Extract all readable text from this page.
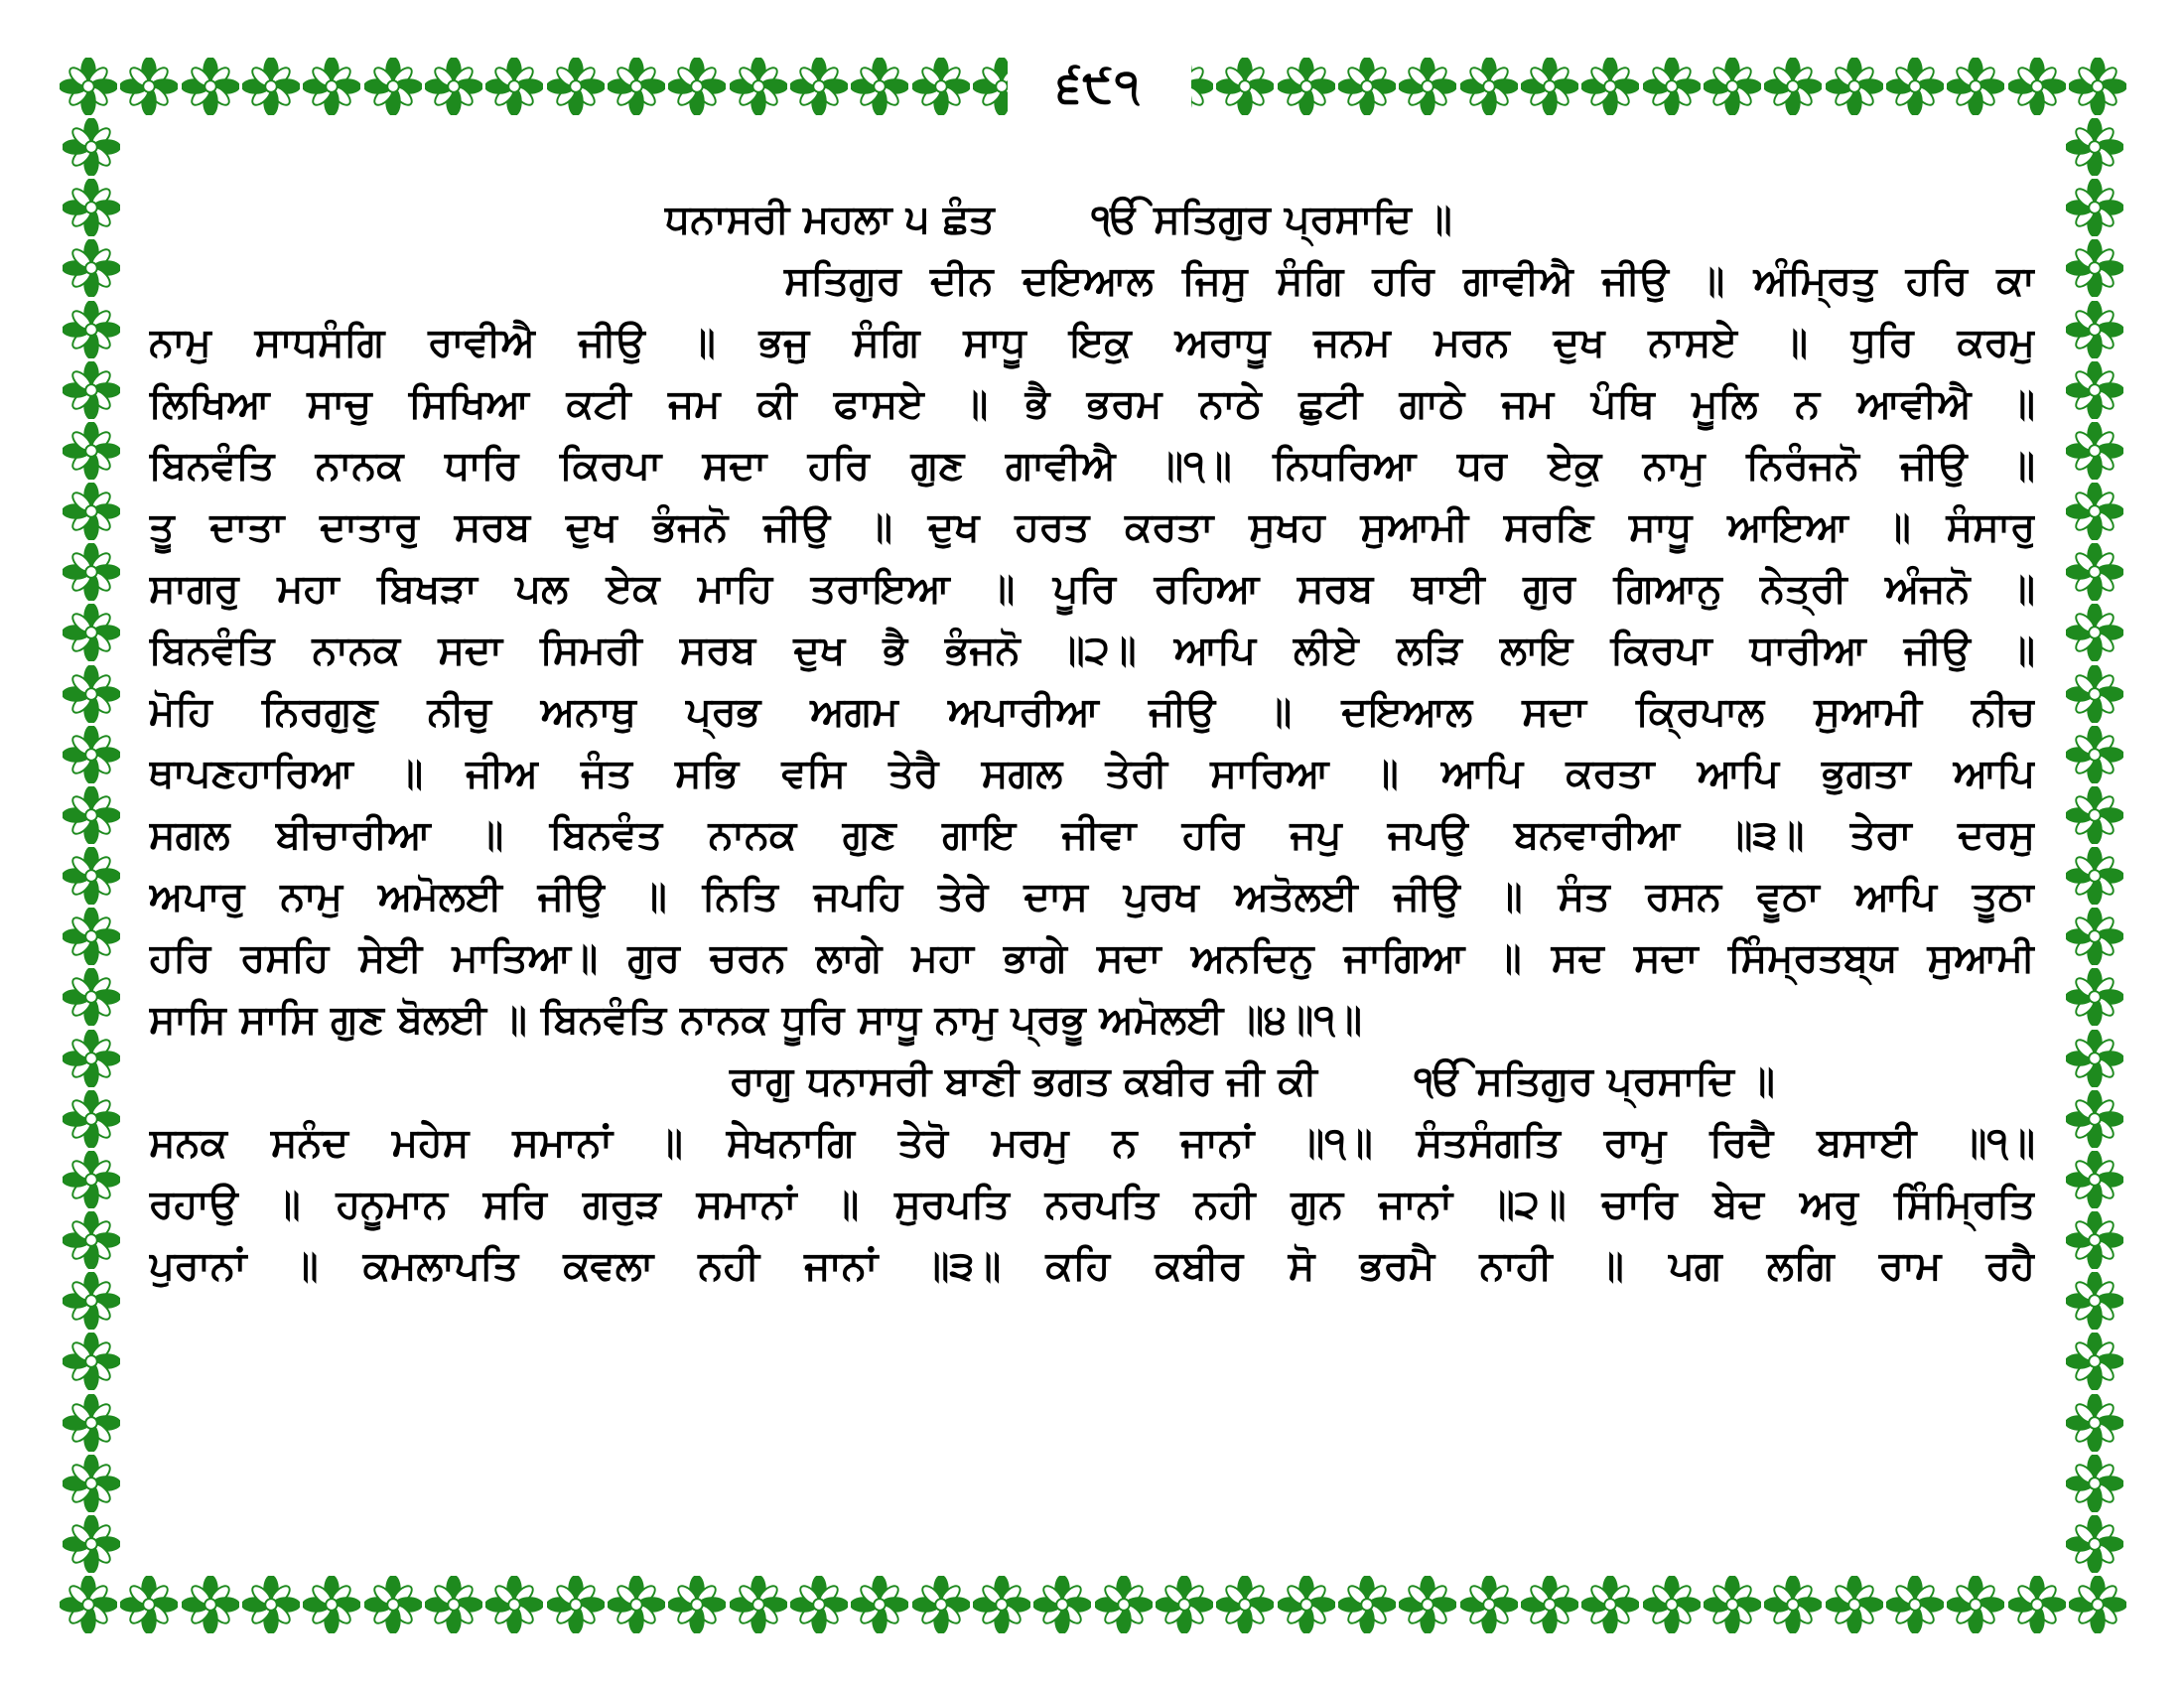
੬੯੧
ਧਨਾਸਰੀ ਮਹਲਾ ੫ ਛੰਤ ੴ ਸਤਿਗੁਰ ਪ੍ਰਸਾਦਿ ॥
ਸਤਿਗੁਰ ਦੀਨ ਦਇਆਲ ਜਿਸੁ ਸੰਗਿ ਹਰਿ ਗਾਵੀਐ ਜੀਉ ॥ ਅੰਮ੍ਰਿਤੁ ਹਰਿ ਕਾ
ਨਾਮੁ ਸਾਧਸੰਗਿ ਰਾਵੀਐ ਜੀਉ ॥ ਭਜੁ ਸੰਗਿ ਸਾਧੂ ਇਕੁ ਅਰਾਧੂ ਜਨਮ ਮਰਨ ਦੁਖ ਨਾਸਏ ॥ ਧੁਰਿ ਕਰਮੁ
ਲਿਖਿਆ ਸਾਚੁ ਸਿਖਿਆ ਕਟੀ ਜਮ ਕੀ ਫਾਸਏ ॥ ਭੈ ਭਰਮ ਨਾਠੇ ਛੁਟੀ ਗਾਠੇ ਜਮ ਪੰਥਿ ਮੂਲਿ ਨ ਆਵੀਐ ॥
ਬਿਨਵੰਤਿ ਨਾਨਕ ਧਾਰਿ ਕਿਰਪਾ ਸਦਾ ਹਰਿ ਗੁਣ ਗਾਵੀਐ ॥੧॥ ਨਿਧਰਿਆ ਧਰ ਏਕੁ ਨਾਮੁ ਨਿਰੰਜਨੋ ਜੀਉ ॥
ਤੂ ਦਾਤਾ ਦਾਤਾਰੁ ਸਰਬ ਦੁਖ ਭੰਜਨੋ ਜੀਉ ॥ ਦੁਖ ਹਰਤ ਕਰਤਾ ਸੁਖਹ ਸੁਆਮੀ ਸਰਣਿ ਸਾਧੂ ਆਇਆ ॥ ਸੰਸਾਰੁ
ਸਾਗਰੁ ਮਹਾ ਬਿਖੜਾ ਪਲ ਏਕ ਮਾਹਿ ਤਰਾਇਆ ॥ ਪੂਰਿ ਰਹਿਆ ਸਰਬ ਥਾਈ ਗੁਰ ਗਿਆਨੁ ਨੇਤ੍ਰੀ ਅੰਜਨੋ ॥
ਬਿਨਵੰਤਿ ਨਾਨਕ ਸਦਾ ਸਿਮਰੀ ਸਰਬ ਦੁਖ ਭੈ ਭੰਜਨੋ ॥੨॥ ਆਪਿ ਲੀਏ ਲੜਿ ਲਾਇ ਕਿਰਪਾ ਧਾਰੀਆ ਜੀਉ ॥
ਮੋਹਿ ਨਿਰਗੁਣੁ ਨੀਚੁ ਅਨਾਥੁ ਪ੍ਰਭ ਅਗਮ ਅਪਾਰੀਆ ਜੀਉ ॥ ਦਇਆਲ ਸਦਾ ਕ੍ਰਿਪਾਲ ਸੁਆਮੀ ਨੀਚ
ਥਾਪਣਹਾਰਿਆ ॥ ਜੀਅ ਜੰਤ ਸਭਿ ਵਸਿ ਤੇਰੈ ਸਗਲ ਤੇਰੀ ਸਾਰਿਆ ॥ ਆਪਿ ਕਰਤਾ ਆਪਿ ਭੁਗਤਾ ਆਪਿ
ਸਗਲ ਬੀਚਾਰੀਆ ॥ ਬਿਨਵੰਤ ਨਾਨਕ ਗੁਣ ਗਾਇ ਜੀਵਾ ਹਰਿ ਜਪੁ ਜਪਉ ਬਨਵਾਰੀਆ ॥੩॥ ਤੇਰਾ ਦਰਸੁ
ਅਪਾਰੁ ਨਾਮੁ ਅਮੋਲਈ ਜੀਉ ॥ ਨਿਤਿ ਜਪਹਿ ਤੇਰੇ ਦਾਸ ਪੁਰਖ ਅਤੋਲਈ ਜੀਉ ॥ ਸੰਤ ਰਸਨ ਵੂਠਾ ਆਪਿ ਤੂਠਾ
ਹਰਿ ਰਸਹਿ ਸੇਈ ਮਾਤਿਆ॥ ਗੁਰ ਚਰਨ ਲਾਗੇ ਮਹਾ ਭਾਗੇ ਸਦਾ ਅਨਦਿਨੁ ਜਾਗਿਆ ॥ ਸਦ ਸਦਾ ਸਿੰਮ੍ਰਤਬ੍ਯ ਸੁਆਮੀ
ਸਾਸਿ ਸਾਸਿ ਗੁਣ ਬੋਲਈ ॥ ਬਿਨਵੰਤਿ ਨਾਨਕ ਧੂਰਿ ਸਾਧੂ ਨਾਮੁ ਪ੍ਰਭੂ ਅਮੋਲਈ ॥੪॥੧॥
ਰਾਗੁ ਧਨਾਸਰੀ ਬਾਣੀ ਭਗਤ ਕਬੀਰ ਜੀ ਕੀ ੴ ਸਤਿਗੁਰ ਪ੍ਰਸਾਦਿ ॥
ਸਨਕ ਸਨੰਦ ਮਹੇਸ ਸਮਾਨਾਂ ॥ ਸੇਖਨਾਗਿ ਤੇਰੋ ਮਰਮੁ ਨ ਜਾਨਾਂ ॥੧॥ ਸੰਤਸੰਗਤਿ ਰਾਮੁ ਰਿਦੈ ਬਸਾਈ ॥੧॥
ਰਹਾਉ ॥ ਹਨੂਮਾਨ ਸਰਿ ਗਰੁੜ ਸਮਾਨਾਂ ॥ ਸੁਰਪਤਿ ਨਰਪਤਿ ਨਹੀ ਗੁਨ ਜਾਨਾਂ ॥੨॥ ਚਾਰਿ ਬੇਦ ਅਰੁ ਸਿੰਮ੍ਰਿਤਿ
ਪੁਰਾਨਾਂ ॥ ਕਮਲਾਪਤਿ ਕਵਲਾ ਨਹੀ ਜਾਨਾਂ ॥੩॥ ਕਹਿ ਕਬੀਰ ਸੋ ਭਰਮੈ ਨਾਹੀ ॥ ਪਗ ਲਗਿ ਰਾਮ ਰਹੈ
